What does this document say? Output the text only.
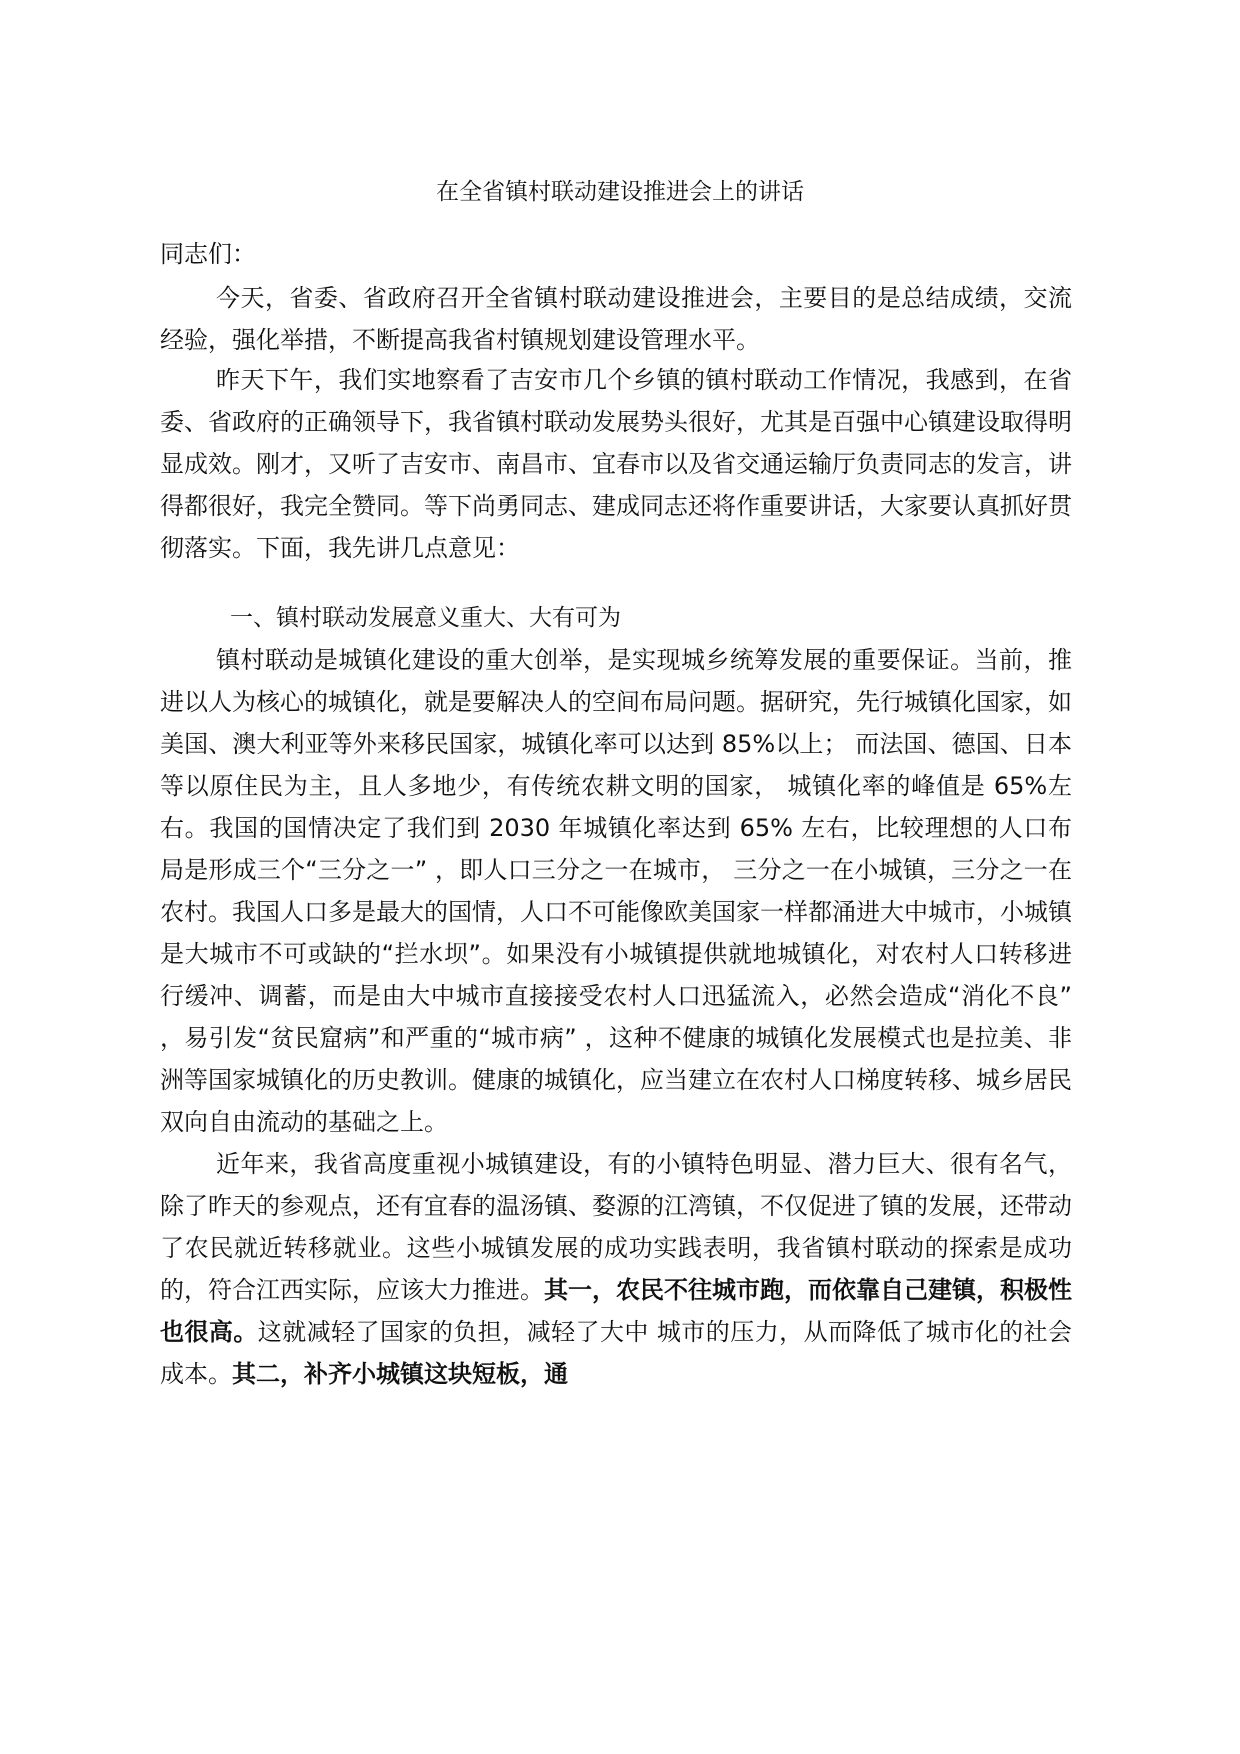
在全省镇村联动建设推进会上的讲话

同志们：

今天，省委、省政府召开全省镇村联动建设推进会，主要目的是总结成绩，交流经验，强化举措，不断提高我省村镇规划建设管理水平。

昨天下午，我们实地察看了吉安市几个乡镇的镇村联动工作情况，我感到，在省委、省政府的正确领导下，我省镇村联动发展势头很好，尤其是百强中心镇建设取得明显成效。刚才，又听了吉安市、南昌市、宜春市以及省交通运输厅负责同志的发言，讲得都很好，我完全赞同。等下尚勇同志、建成同志还将作重要讲话，大家要认真抓好贯彻落实。下面，我先讲几点意见：

一、镇村联动发展意义重大、大有可为

镇村联动是城镇化建设的重大创举，是实现城乡统筹发展的重要保证。当前，推进以人为核心的城镇化，就是要解决人的空间布局问题。据研究，先行城镇化国家，如美国、澳大利亚等外来移民国家，城镇化率可以达到 85%以上； 而法国、德国、日本等以原住民为主，且人多地少，有传统农耕文明的国家， 城镇化率的峰值是 65%左右。我国的国情决定了我们到 2030 年城镇化率达到 65% 左右，比较理想的人口布局是形成三个“三分之一” ，即人口三分之一在城市， 三分之一在小城镇，三分之一在农村。我国人口多是最大的国情，人口不可能像欧美国家一样都涌进大中城市，小城镇是大城市不可或缺的“拦水坝”。如果没有小城镇提供就地城镇化，对农村人口转移进行缓冲、调蓄，而是由大中城市直接接受农村人口迅猛流入，必然会造成“消化不良” ，易引发“贫民窟病”和严重的“城市病” ，这种不健康的城镇化发展模式也是拉美、非洲等国家城镇化的历史教训。健康的城镇化，应当建立在农村人口梯度转移、城乡居民双向自由流动的基础之上。

近年来，我省高度重视小城镇建设，有的小镇特色明显、潜力巨大、很有名气，除了昨天的参观点，还有宜春的温汤镇、婺源的江湾镇，不仅促进了镇的发展，还带动了农民就近转移就业。这些小城镇发展的成功实践表明，我省镇村联动的探索是成功的，符合江西实际，应该大力推进。其一，农民不往城市跑，而依靠自己建镇，积极性也很高。这就减轻了国家的负担，减轻了大中 城市的压力，从而降低了城市化的社会成本。其二，补齐小城镇这块短板，通
